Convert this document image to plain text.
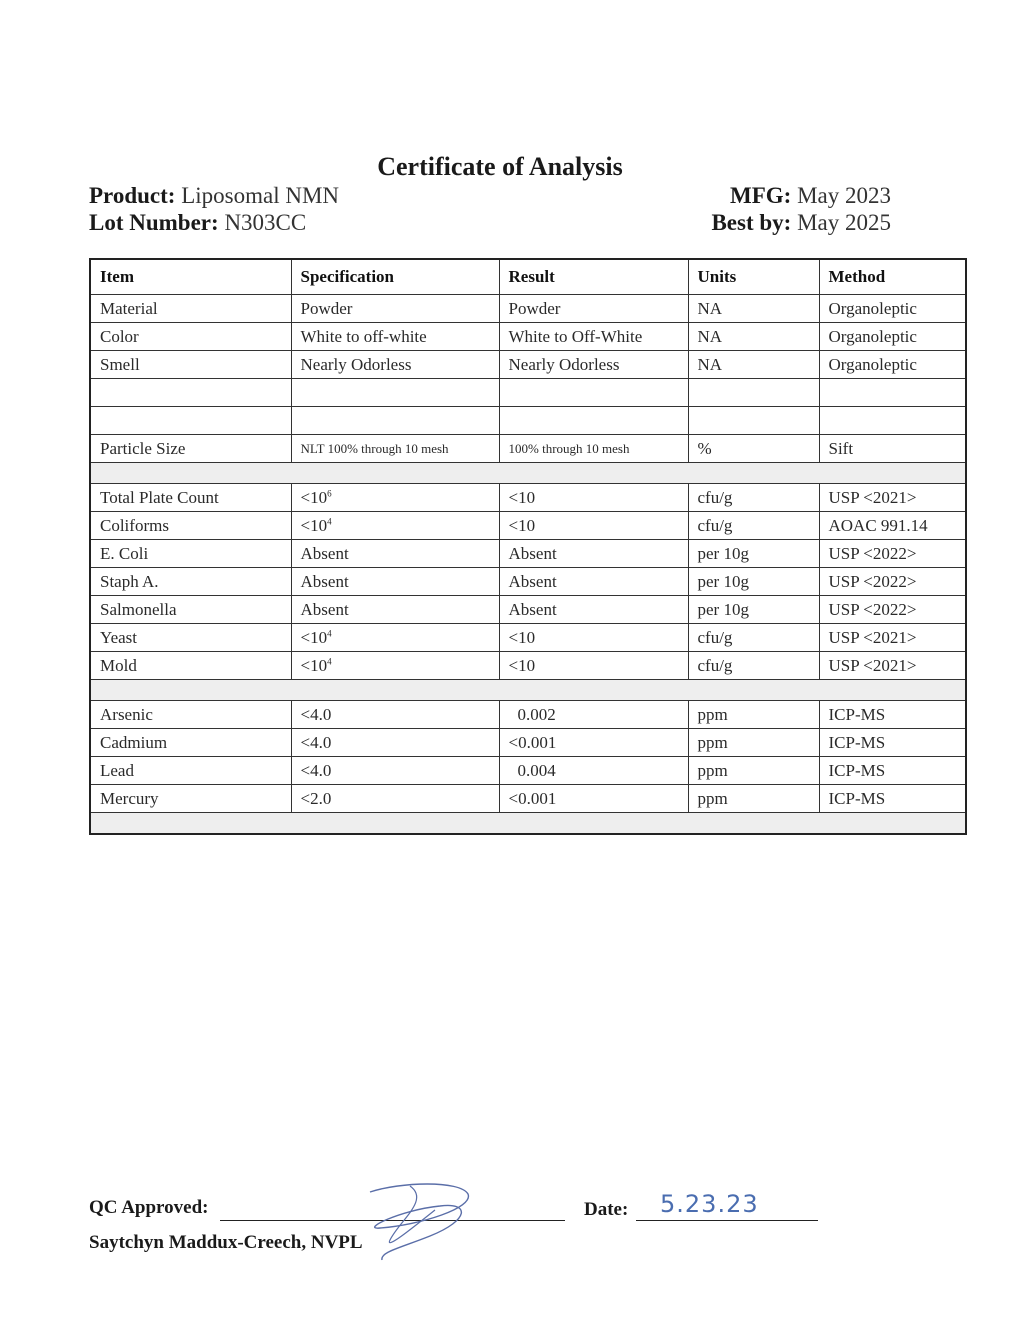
Certificate of Analysis
Product: Liposomal NMN
Lot Number: N303CC
MFG: May 2023
Best by: May 2025
Item	Specification	Result	Units	Method
Material	Powder	Powder	NA	Organoleptic
Color	White to off-white	White to Off-White	NA	Organoleptic
Smell	Nearly Odorless	Nearly Odorless	NA	Organoleptic

Particle Size	NLT 100% through 10 mesh	100% through 10 mesh	%	Sift

Total Plate Count	$<10^6$	<10	cfu/g	USP <2021>
Coliforms	$<10^4$	<10	cfu/g	AOAC 991.14
E. Coli	Absent	Absent	per 10g	USP <2022>
Staph A.	Absent	Absent	per 10g	USP <2022>
Salmonella	Absent	Absent	per 10g	USP <2022>
Yeast	$<10^4$	<10	cfu/g	USP <2021>
Mold	$<10^4$	<10	cfu/g	USP <2021>

Arsenic	<4.0	0.002	ppm	ICP-MS
Cadmium	<4.0	<0.001	ppm	ICP-MS
Lead	<4.0	0.004	ppm	ICP-MS
Mercury	<2.0	<0.001	ppm	ICP-MS

QC Approved:
Saytchyn Maddux-Creech, NVPL
Date: 5.23.23
